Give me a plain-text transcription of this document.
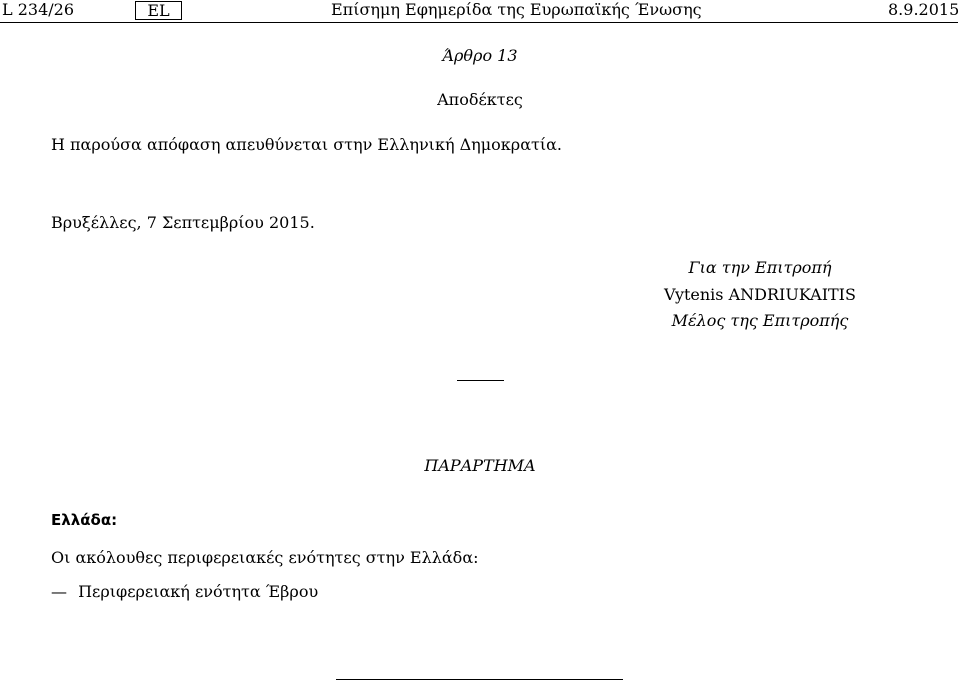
L 234/26	EL	Επίσημη Εφημερίδα της Ευρωπαϊκής Ένωσης	8.9.2015
Άρθρο 13
Αποδέκτες
Η παρούσα απόφαση απευθύνεται στην Ελληνική Δημοκρατία.
Βρυξέλλες, 7 Σεπτεμβρίου 2015.
Για την Επιτροπή
Vytenis ANDRIUKAITIS
Μέλος της Επιτροπής
ΠΑΡΑΡΤΗΜΑ
Ελλάδα:
Οι ακόλουθες περιφερειακές ενότητες στην Ελλάδα:
— Περιφερειακή ενότητα Έβρου
